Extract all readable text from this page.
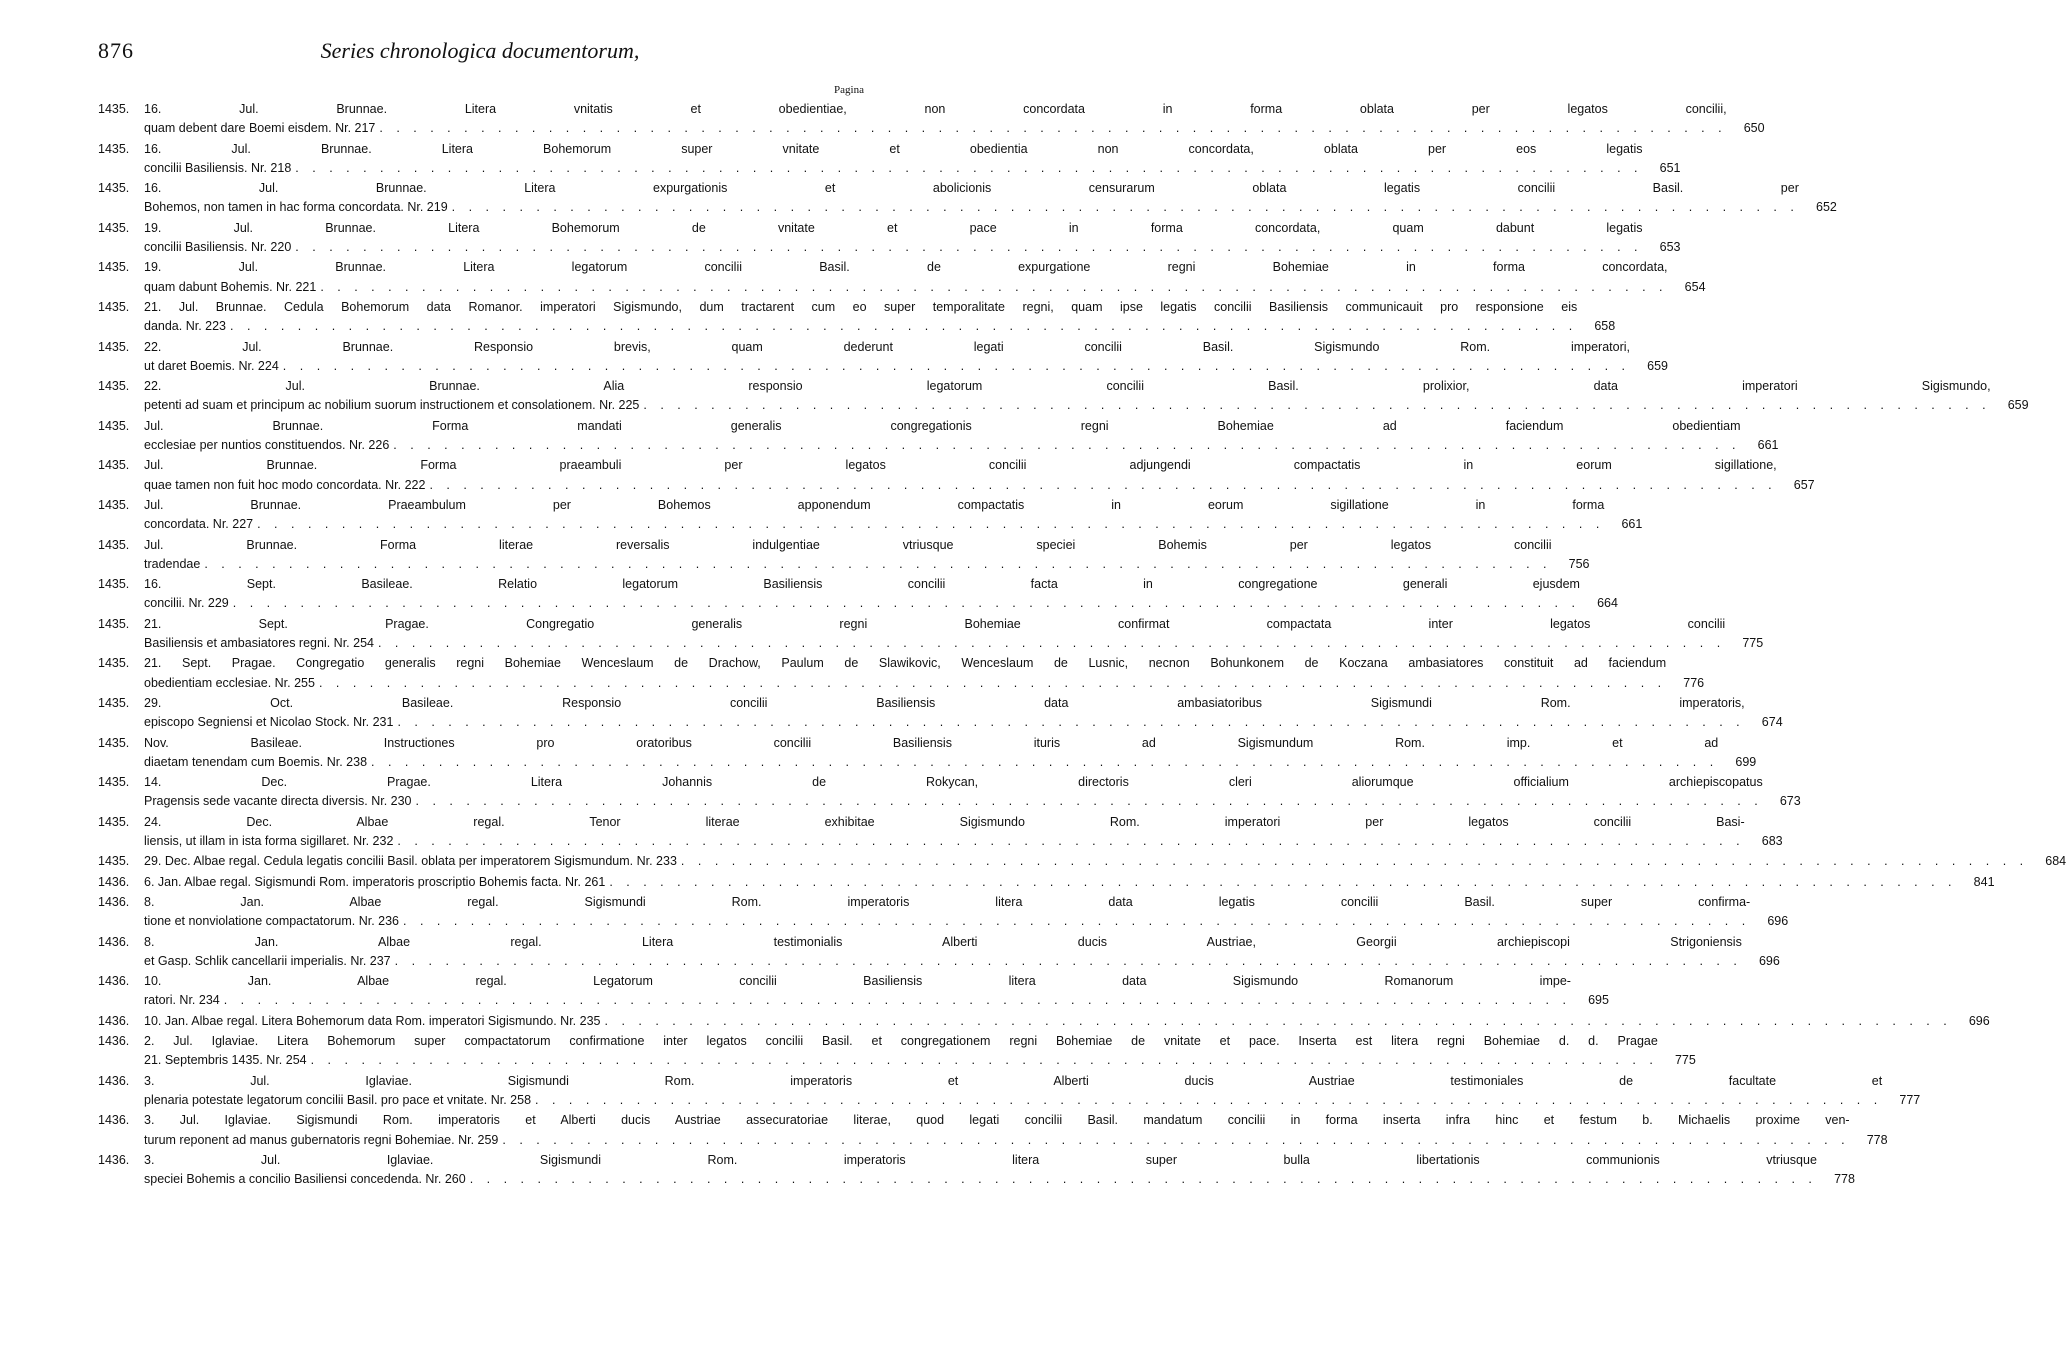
876	Series chronologica documentorum,
Pagina
1435.	16. Jul. Brunnae. Litera vnitatis et obedientiae, non concordata in forma oblata per legatos concilii,
quam debent dare Boemi eisdem. Nr. 217 . . . . . . . . . . . . . . . . . . . . . . . . . . . . . . . . . . . . . . . . . . . . . . . . . . . . . . . . . . . . . . . . . . . . . . . . . . . . . . . .	650
1435.	16. Jul. Brunnae. Litera Bohemorum super vnitate et obedientia non concordata, oblata per eos legatis
concilii Basiliensis. Nr. 218 . . . . . . . . . . . . . . . . . . . . . . . . . . . . . . . . . . . . . . . . . . . . . . . . . . . . . . . . . . . . . . . . . . . . . . . . . . . . . . . .	651
1435.	16. Jul. Brunnae. Litera expurgationis et abolicionis censurarum oblata legatis concilii Basil. per
Bohemos, non tamen in hac forma concordata. Nr. 219 . . . . . . . . . . . . . . . . . . . . . . . . . . . . . . . . . . . . . . . . . . . . . . . . . . . . . . . . . . . . . . . . . . . . . . . . . . . . . . . .	652
1435.	19. Jul. Brunnae. Litera Bohemorum de vnitate et pace in forma concordata, quam dabunt legatis
concilii Basiliensis. Nr. 220 . . . . . . . . . . . . . . . . . . . . . . . . . . . . . . . . . . . . . . . . . . . . . . . . . . . . . . . . . . . . . . . . . . . . . . . . . . . . . . . .	653
1435.	19. Jul. Brunnae. Litera legatorum concilii Basil. de expurgatione regni Bohemiae in forma concordata,
quam dabunt Bohemis. Nr. 221 . . . . . . . . . . . . . . . . . . . . . . . . . . . . . . . . . . . . . . . . . . . . . . . . . . . . . . . . . . . . . . . . . . . . . . . . . . . . . . . .	654
1435.	21. Jul. Brunnae. Cedula Bohemorum data Romanor. imperatori Sigismundo, dum tractarent cum eo super temporalitate regni, quam ipse legatis concilii Basiliensis communicauit pro responsione eis
danda. Nr. 223 . . . . . . . . . . . . . . . . . . . . . . . . . . . . . . . . . . . . . . . . . . . . . . . . . . . . . . . . . . . . . . . . . . . . . . . . . . . . . . . .	658
1435.	22. Jul. Brunnae. Responsio brevis, quam dederunt legati concilii Basil. Sigismundo Rom. imperatori,
ut daret Boemis. Nr. 224 . . . . . . . . . . . . . . . . . . . . . . . . . . . . . . . . . . . . . . . . . . . . . . . . . . . . . . . . . . . . . . . . . . . . . . . . . . . . . . . .	659
1435.	22. Jul. Brunnae. Alia responsio legatorum concilii Basil. prolixior, data imperatori Sigismundo,
petenti ad suam et principum ac nobilium suorum instructionem et consolationem. Nr. 225 . . . . . . . . . . . . . . . . . . . . . . . . . . . . . . . . . . . . . . . . . . . . . . . . . . . . . . . . . . . . . . . . . . . . . . . . . . . . . . . .	659
1435.	Jul. Brunnae. Forma mandati generalis congregationis regni Bohemiae ad faciendum obedientiam
ecclesiae per nuntios constituendos. Nr. 226 . . . . . . . . . . . . . . . . . . . . . . . . . . . . . . . . . . . . . . . . . . . . . . . . . . . . . . . . . . . . . . . . . . . . . . . . . . . . . . . .	661
1435.	Jul. Brunnae. Forma praeambuli per legatos concilii adjungendi compactatis in eorum sigillatione,
quae tamen non fuit hoc modo concordata. Nr. 222 . . . . . . . . . . . . . . . . . . . . . . . . . . . . . . . . . . . . . . . . . . . . . . . . . . . . . . . . . . . . . . . . . . . . . . . . . . . . . . . .	657
1435.	Jul. Brunnae. Praeambulum per Bohemos apponendum compactatis in eorum sigillatione in forma
concordata. Nr. 227 . . . . . . . . . . . . . . . . . . . . . . . . . . . . . . . . . . . . . . . . . . . . . . . . . . . . . . . . . . . . . . . . . . . . . . . . . . . . . . . .	661
1435.	Jul. Brunnae. Forma literae reversalis indulgentiae vtriusque speciei Bohemis per legatos concilii
tradendae . . . . . . . . . . . . . . . . . . . . . . . . . . . . . . . . . . . . . . . . . . . . . . . . . . . . . . . . . . . . . . . . . . . . . . . . . . . . . . . .	756
1435.	16. Sept. Basileae. Relatio legatorum Basiliensis concilii facta in congregatione generali ejusdem
concilii. Nr. 229 . . . . . . . . . . . . . . . . . . . . . . . . . . . . . . . . . . . . . . . . . . . . . . . . . . . . . . . . . . . . . . . . . . . . . . . . . . . . . . . .	664
1435.	21. Sept. Pragae. Congregatio generalis regni Bohemiae confirmat compactata inter legatos concilii
Basiliensis et ambasiatores regni. Nr. 254 . . . . . . . . . . . . . . . . . . . . . . . . . . . . . . . . . . . . . . . . . . . . . . . . . . . . . . . . . . . . . . . . . . . . . . . . . . . . . . . .	775
1435.	21. Sept. Pragae. Congregatio generalis regni Bohemiae Wenceslaum de Drachow, Paulum de Slawikovic, Wenceslaum de Lusnic, necnon Bohunkonem de Koczana ambasiatores constituit ad faciendum
obedientiam ecclesiae. Nr. 255 . . . . . . . . . . . . . . . . . . . . . . . . . . . . . . . . . . . . . . . . . . . . . . . . . . . . . . . . . . . . . . . . . . . . . . . . . . . . . . . .	776
1435.	29. Oct. Basileae. Responsio concilii Basiliensis data ambasiatoribus Sigismundi Rom. imperatoris,
episcopo Segniensi et Nicolao Stock. Nr. 231 . . . . . . . . . . . . . . . . . . . . . . . . . . . . . . . . . . . . . . . . . . . . . . . . . . . . . . . . . . . . . . . . . . . . . . . . . . . . . . . .	674
1435.	Nov. Basileae. Instructiones pro oratoribus concilii Basiliensis ituris ad Sigismundum Rom. imp. et ad
diaetam tenendam cum Boemis. Nr. 238 . . . . . . . . . . . . . . . . . . . . . . . . . . . . . . . . . . . . . . . . . . . . . . . . . . . . . . . . . . . . . . . . . . . . . . . . . . . . . . . .	699
1435.	14. Dec. Pragae. Litera Johannis de Rokycan, directoris cleri aliorumque officialium archiepiscopatus
Pragensis sede vacante directa diversis. Nr. 230 . . . . . . . . . . . . . . . . . . . . . . . . . . . . . . . . . . . . . . . . . . . . . . . . . . . . . . . . . . . . . . . . . . . . . . . . . . . . . . . .	673
1435.	24. Dec. Albae regal. Tenor literae exhibitae Sigismundo Rom. imperatori per legatos concilii Basi-
liensis, ut illam in ista forma sigillaret. Nr. 232 . . . . . . . . . . . . . . . . . . . . . . . . . . . . . . . . . . . . . . . . . . . . . . . . . . . . . . . . . . . . . . . . . . . . . . . . . . . . . . . .	683
1435.	29. Dec. Albae regal. Cedula legatis concilii Basil. oblata per imperatorem Sigismundum. Nr. 233 . . . . . . . . . . . . . . . . . . . . . . . . . . . . . . . . . . . . . . . . . . . . . . . . . . . . . . . . . . . . . . . . . . . . . . . . . . . . . . . .	684
1436.	6. Jan. Albae regal. Sigismundi Rom. imperatoris proscriptio Bohemis facta. Nr. 261 . . . . . . . . . . . . . . . . . . . . . . . . . . . . . . . . . . . . . . . . . . . . . . . . . . . . . . . . . . . . . . . . . . . . . . . . . . . . . . . .	841
1436.	8. Jan. Albae regal. Sigismundi Rom. imperatoris litera data legatis concilii Basil. super confirma-
tione et nonviolatione compactatorum. Nr. 236 . . . . . . . . . . . . . . . . . . . . . . . . . . . . . . . . . . . . . . . . . . . . . . . . . . . . . . . . . . . . . . . . . . . . . . . . . . . . . . . .	696
1436.	8. Jan. Albae regal. Litera testimonialis Alberti ducis Austriae, Georgii archiepiscopi Strigoniensis
et Gasp. Schlik cancellarii imperialis. Nr. 237 . . . . . . . . . . . . . . . . . . . . . . . . . . . . . . . . . . . . . . . . . . . . . . . . . . . . . . . . . . . . . . . . . . . . . . . . . . . . . . . .	696
1436.	10. Jan. Albae regal. Legatorum concilii Basiliensis litera data Sigismundo Romanorum impe-
ratori. Nr. 234 . . . . . . . . . . . . . . . . . . . . . . . . . . . . . . . . . . . . . . . . . . . . . . . . . . . . . . . . . . . . . . . . . . . . . . . . . . . . . . . .	695
1436.	10. Jan. Albae regal. Litera Bohemorum data Rom. imperatori Sigismundo. Nr. 235 . . . . . . . . . . . . . . . . . . . . . . . . . . . . . . . . . . . . . . . . . . . . . . . . . . . . . . . . . . . . . . . . . . . . . . . . . . . . . . . .	696
1436.	2. Jul. Iglaviae. Litera Bohemorum super compactatorum confirmatione inter legatos concilii Basil. et congregationem regni Bohemiae de vnitate et pace. Inserta est litera regni Bohemiae d. d. Pragae
21. Septembris 1435. Nr. 254 . . . . . . . . . . . . . . . . . . . . . . . . . . . . . . . . . . . . . . . . . . . . . . . . . . . . . . . . . . . . . . . . . . . . . . . . . . . . . . . .	775
1436.	3. Jul. Iglaviae. Sigismundi Rom. imperatoris et Alberti ducis Austriae testimoniales de facultate et
plenaria potestate legatorum concilii Basil. pro pace et vnitate. Nr. 258 . . . . . . . . . . . . . . . . . . . . . . . . . . . . . . . . . . . . . . . . . . . . . . . . . . . . . . . . . . . . . . . . . . . . . . . . . . . . . . . .	777
1436.	3. Jul. Iglaviae. Sigismundi Rom. imperatoris et Alberti ducis Austriae assecuratoriae literae, quod legati concilii Basil. mandatum concilii in forma inserta infra hinc et festum b. Michaelis proxime ven-
turum reponent ad manus gubernatoris regni Bohemiae. Nr. 259 . . . . . . . . . . . . . . . . . . . . . . . . . . . . . . . . . . . . . . . . . . . . . . . . . . . . . . . . . . . . . . . . . . . . . . . . . . . . . . . .	778
1436.	3. Jul. Iglaviae. Sigismundi Rom. imperatoris litera super bulla libertationis communionis vtriusque
speciei Bohemis a concilio Basiliensi concedenda. Nr. 260 . . . . . . . . . . . . . . . . . . . . . . . . . . . . . . . . . . . . . . . . . . . . . . . . . . . . . . . . . . . . . . . . . . . . . . . . . . . . . . . .	778
